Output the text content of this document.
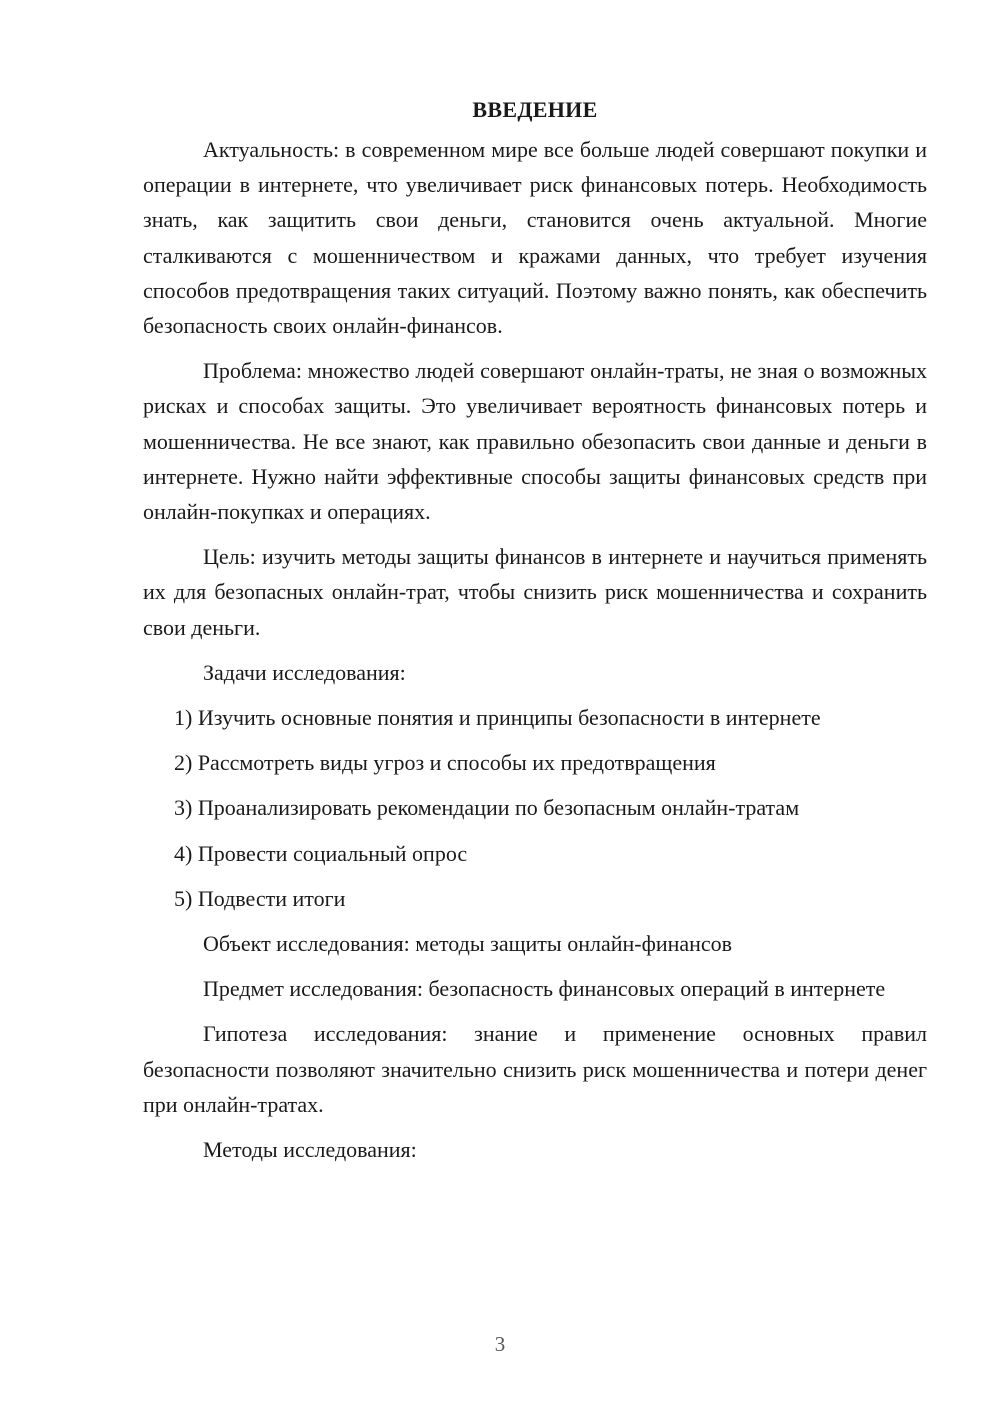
ВВЕДЕНИЕ

Актуальность: в современном мире все больше людей совершают покупки и операции в интернете, что увеличивает риск финансовых потерь. Необходимость знать, как защитить свои деньги, становится очень актуальной. Многие сталкиваются с мошенничеством и кражами данных, что требует изучения способов предотвращения таких ситуаций. Поэтому важно понять, как обеспечить безопасность своих онлайн-финансов.

Проблема: множество людей совершают онлайн-траты, не зная о возможных рисках и способах защиты. Это увеличивает вероятность финансовых потерь и мошенничества. Не все знают, как правильно обезопасить свои данные и деньги в интернете. Нужно найти эффективные способы защиты финансовых средств при онлайн-покупках и операциях.

Цель: изучить методы защиты финансов в интернете и научиться применять их для безопасных онлайн-трат, чтобы снизить риск мошенничества и сохранить свои деньги.

Задачи исследования:
1) Изучить основные понятия и принципы безопасности в интернете
2) Рассмотреть виды угроз и способы их предотвращения
3) Проанализировать рекомендации по безопасным онлайн-тратам
4) Провести социальный опрос
5) Подвести итоги
Объект исследования: методы защиты онлайн-финансов

Предмет исследования: безопасность финансовых операций в интернете

Гипотеза исследования: знание и применение основных правил безопасности позволяют значительно снизить риск мошенничества и потери денег при онлайн-тратах.

Методы исследования:
3
